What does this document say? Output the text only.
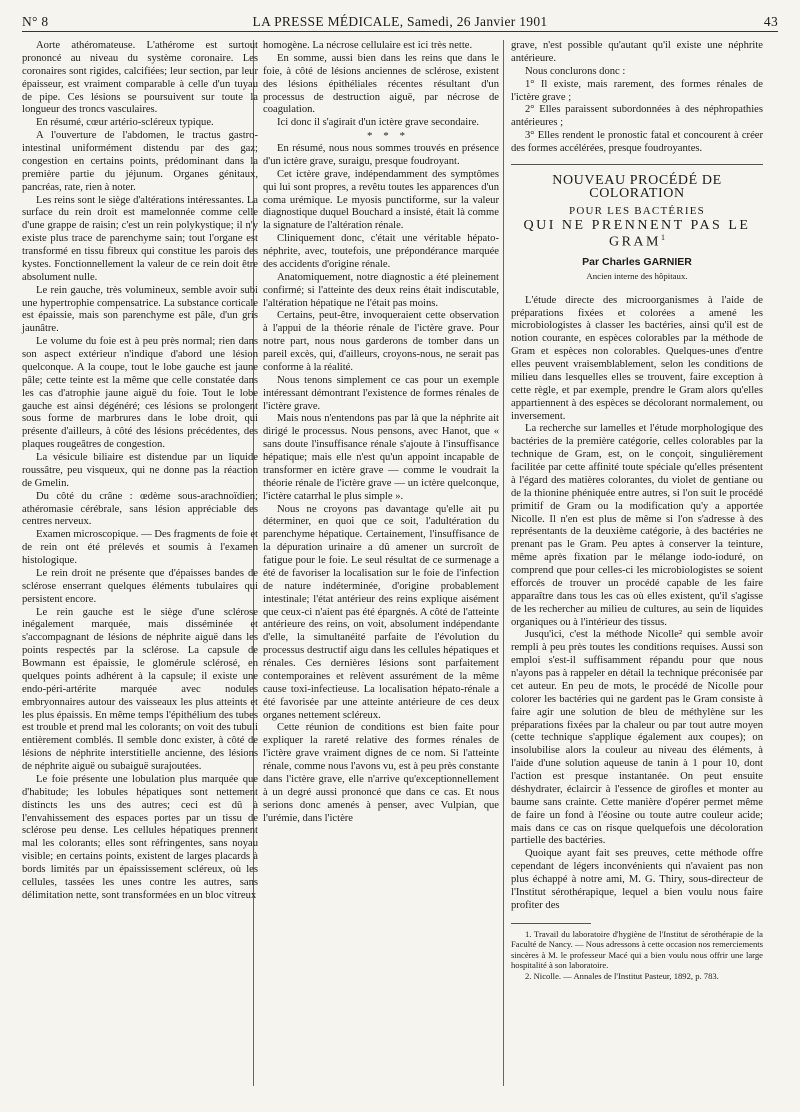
N° 8	LA PRESSE MÉDICALE, Samedi, 26 Janvier 1901	43

Aorte athéromateuse. L'athérome est surtout prononcé au niveau du système coronaire. Les coronaires sont rigides, calcifiées; leur section, par leur épaisseur, est vraiment comparable à celle d'un tuyau de pipe. Ces lésions se poursuivent sur toute la longueur des troncs vasculaires.

En résumé, cœur artério-scléreux typique.

A l'ouverture de l'abdomen, le tractus gastro-intestinal uniformément distendu par des gaz; congestion en certains points, prédominant dans la première partie du jéjunum. Organes génitaux, pancréas, rate, rien à noter.

Les reins sont le siège d'altérations intéressantes. La surface du rein droit est mamelonnée comme celle d'une grappe de raisin; c'est un rein polykystique; il n'y existe plus trace de parenchyme sain; tout l'organe est transformé en tissu fibreux qui constitue les parois des kystes. Fonctionnellement la valeur de ce rein doit être absolument nulle.

Le rein gauche, très volumineux, semble avoir subi une hypertrophie compensatrice. La substance corticale est épaissie, mais son parenchyme est pâle, d'un gris jaunâtre.

Le volume du foie est à peu près normal; rien dans son aspect extérieur n'indique d'abord une lésion quelconque. A la coupe, tout le lobe gauche est jaune pâle; cette teinte est la même que celle constatée dans les cas d'atrophie jaune aiguë du foie. Tout le lobe gauche est ainsi dégénéré; ces lésions se prolongent sous forme de marbrures dans le lobe droit, qui présente d'ailleurs, à côté des lésions précédentes, des plaques rougeâtres de congestion.

La vésicule biliaire est distendue par un liquide roussâtre, peu visqueux, qui ne donne pas la réaction de Gmelin.

Du côté du crâne : œdème sous-arachnoïdien; athéromasie cérébrale, sans lésion appréciable des centres nerveux.

Examen microscopique. — Des fragments de foie et de rein ont été prélevés et soumis à l'examen histologique.

Le rein droit ne présente que d'épaisses bandes de sclérose enserrant quelques éléments tubulaires qui persistent encore.

Le rein gauche est le siège d'une sclérose inégalement marquée, mais disséminée et s'accompagnant de lésions de néphrite aiguë dans les points respectés par la sclérose. La capsule de Bowmann est épaissie, le glomérule sclérosé, en quelques points adhérent à la capsule; il existe une endo-péri-artérite marquée avec nodules embryonnaires autour des vaisseaux les plus atteints et les plus épaissis. En même temps l'épithélium des tubes est trouble et prend mal les colorants; on voit des tubuli entièrement comblés. Il semble donc exister, à côté de lésions de néphrite interstitielle ancienne, des lésions de néphrite aiguë ou subaiguë surajoutées.

Le foie présente une lobulation plus marquée que d'habitude; les lobules hépatiques sont nettement distincts les uns des autres; ceci est dû à l'envahissement des espaces portes par un tissu de sclérose peu dense. Les cellules hépatiques prennent mal les colorants; elles sont réfringentes, sans noyau visible; en certains points, existent de larges placards à bords limités par un épaississement scléreux, où les cellules, tassées les unes contre les autres, sans délimitation nette, sont transformées en un bloc vitreux

homogène. La nécrose cellulaire est ici très nette.

En somme, aussi bien dans les reins que dans le foie, à côté de lésions anciennes de sclérose, existent des lésions épithéliales récentes résultant d'un processus de destruction aiguë, par nécrose de coagulation.

Ici donc il s'agirait d'un ictère grave secondaire.

* * *

En résumé, nous nous sommes trouvés en présence d'un ictère grave, suraigu, presque foudroyant.

Cet ictère grave, indépendamment des symptômes qui lui sont propres, a revêtu toutes les apparences d'un coma urémique. Le myosis punctiforme, sur la valeur diagnostique duquel Bouchard a insisté, était là comme la signature de l'altération rénale.

Cliniquement donc, c'était une véritable hépato-néphrite, avec, toutefois, une prépondérance marquée des accidents d'origine rénale.

Anatomiquement, notre diagnostic a été pleinement confirmé; si l'atteinte des deux reins était indiscutable, l'altération hépatique ne l'était pas moins.

Certains, peut-être, invoqueraient cette observation à l'appui de la théorie rénale de l'ictère grave. Pour notre part, nous nous garderons de tomber dans un pareil excès, qui, d'ailleurs, croyons-nous, ne serait pas conforme à la réalité.

Nous tenons simplement ce cas pour un exemple intéressant démontrant l'existence de formes rénales de l'ictère grave.

Mais nous n'entendons pas par là que la néphrite ait dirigé le processus. Nous pensons, avec Hanot, que « sans doute l'insuffisance rénale s'ajoute à l'insuffisance hépatique; mais elle n'est qu'un appoint incapable de transformer en ictère grave — comme le voudrait la théorie rénale de l'ictère grave — un ictère quelconque, l'ictère catarrhal le plus simple ».

Nous ne croyons pas davantage qu'elle ait pu déterminer, en quoi que ce soit, l'adultération du parenchyme hépatique. Certainement, l'insuffisance de la dépuration urinaire a dû amener un surcroît de fatigue pour le foie. Le seul résultat de ce surmenage a été de favoriser la localisation sur le foie de l'infection de nature indéterminée, d'origine probablement intestinale; l'état antérieur des reins explique aisément que ceux-ci n'aient pas été épargnés. A côté de l'atteinte antérieure des reins, on voit, absolument indépendante d'elle, la simultanéité parfaite de l'évolution du processus destructif aigu dans les cellules hépatiques et rénales. Ces dernières lésions sont parfaitement contemporaines et relèvent assurément de la même cause toxi-infectieuse. La localisation hépato-rénale a été favorisée par une atteinte antérieure de ces deux organes nettement scléreux.

Cette réunion de conditions est bien faite pour expliquer la rareté relative des formes rénales de l'ictère grave vraiment dignes de ce nom. Si l'atteinte rénale, comme nous l'avons vu, est à peu près constante dans l'ictère grave, elle n'arrive qu'exceptionnellement à un degré aussi prononcé que dans ce cas. Et nous serions donc amenés à penser, avec Vulpian, que l'urémie, dans l'ictère

grave, n'est possible qu'autant qu'il existe une néphrite antérieure.

Nous conclurons donc :

1° Il existe, mais rarement, des formes rénales de l'ictère grave ;

2° Elles paraissent subordonnées à des néphropathies antérieures ;

3° Elles rendent le pronostic fatal et concourent à créer des formes accélérées, presque foudroyantes.

NOUVEAU PROCÉDÉ DE COLORATION
POUR LES BACTÉRIES
QUI NE PRENNENT PAS LE GRAM$^1$
Par Charles GARNIER
Ancien interne des hôpitaux.

L'étude directe des microorganismes à l'aide de préparations fixées et colorées a amené les microbiologistes à classer les bactéries, ainsi qu'il est de notion courante, en espèces colorables par la méthode de Gram et espèces non colorables. Quelques-unes d'entre elles peuvent vraisemblablement, selon les conditions de milieu dans lesquelles elles se trouvent, faire exception à cette règle, et par exemple, prendre le Gram alors qu'elles appartiennent à des espèces se décolorant normalement, ou inversement.

La recherche sur lamelles et l'étude morphologique des bactéries de la première catégorie, celles colorables par la technique de Gram, est, on le conçoit, singulièrement facilitée par cette affinité toute spéciale qu'elles présentent à l'égard des matières colorantes, du violet de gentiane ou de la thionine phéniquée entre autres, si l'on suit le procédé primitif de Gram ou la modification qu'y a apportée Nicolle. Il n'en est plus de même si l'on s'adresse à des représentants de la deuxième catégorie, à des bactéries ne prenant pas le Gram. Peu aptes à conserver la teinture, même après fixation par le mélange iodo-ioduré, on comprend que pour celles-ci les microbiologistes se soient efforcés de trouver un procédé capable de les faire apparaître dans tous les cas où elles existent, qu'il s'agisse de les rechercher au milieu de cultures, au sein de liquides organiques ou à l'intérieur des tissus.

Jusqu'ici, c'est la méthode Nicolle² qui semble avoir rempli à peu près toutes les conditions requises. Aussi son emploi s'est-il suffisamment répandu pour que nous n'ayons pas à rappeler en détail la technique préconisée par cet auteur. En peu de mots, le procédé de Nicolle pour colorer les bactéries qui ne gardent pas le Gram consiste à faire agir une solution de bleu de méthylène sur les préparations fixées par la chaleur ou par tout autre moyen (cette technique s'applique également aux coupes); on insolubilise alors la couleur au niveau des éléments, à l'aide d'une solution aqueuse de tanin à 1 pour 10, dont l'action est presque instantanée. On peut ensuite déshydrater, éclaircir à l'essence de girofles et monter au baume sans crainte. Cette manière d'opérer permet même de faire un fond à l'éosine ou toute autre couleur acide; mais dans ce cas on risque quelquefois une décoloration partielle des bactéries.

Quoique ayant fait ses preuves, cette méthode offre cependant de légers inconvénients qui n'avaient pas non plus échappé à notre ami, M. G. Thiry, sous-directeur de l'Institut sérothérapique, lequel a bien voulu nous faire profiter des

1. Travail du laboratoire d'hygiène de l'Institut de sérothérapie de la Faculté de Nancy. — Nous adressons à cette occasion nos remerciements sincères à M. le professeur Macé qui a bien voulu nous offrir une large hospitalité à son laboratoire.

2. Nicolle. — Annales de l'Institut Pasteur, 1892, p. 783.
